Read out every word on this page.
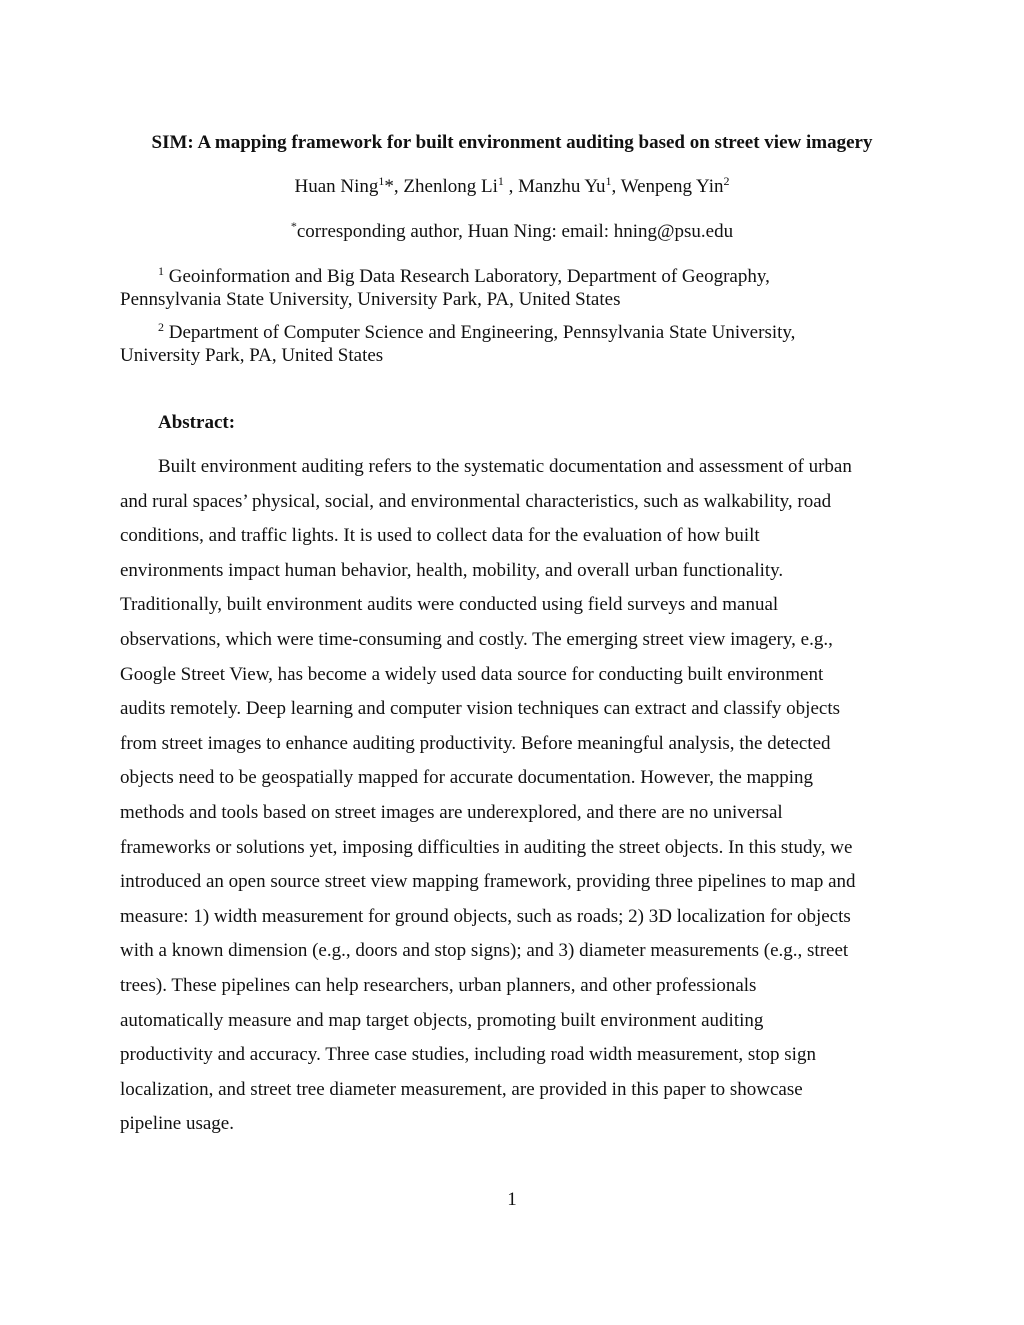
SIM: A mapping framework for built environment auditing based on street view imagery
Huan Ning$^1$*, Zhenlong Li$^1$ , Manzhu Yu$^1$, Wenpeng Yin$^2$
*corresponding author, Huan Ning: email: hning@psu.edu
$^1$ Geoinformation and Big Data Research Laboratory, Department of Geography,
Pennsylvania State University, University Park, PA, United States
$^2$ Department of Computer Science and Engineering, Pennsylvania State University,
University Park, PA, United States
Abstract:
Built environment auditing refers to the systematic documentation and assessment of urban
and rural spaces’ physical, social, and environmental characteristics, such as walkability, road
conditions, and traffic lights. It is used to collect data for the evaluation of how built
environments impact human behavior, health, mobility, and overall urban functionality.
Traditionally, built environment audits were conducted using field surveys and manual
observations, which were time-consuming and costly. The emerging street view imagery, e.g.,
Google Street View, has become a widely used data source for conducting built environment
audits remotely. Deep learning and computer vision techniques can extract and classify objects
from street images to enhance auditing productivity. Before meaningful analysis, the detected
objects need to be geospatially mapped for accurate documentation. However, the mapping
methods and tools based on street images are underexplored, and there are no universal
frameworks or solutions yet, imposing difficulties in auditing the street objects. In this study, we
introduced an open source street view mapping framework, providing three pipelines to map and
measure: 1) width measurement for ground objects, such as roads; 2) 3D localization for objects
with a known dimension (e.g., doors and stop signs); and 3) diameter measurements (e.g., street
trees). These pipelines can help researchers, urban planners, and other professionals
automatically measure and map target objects, promoting built environment auditing
productivity and accuracy. Three case studies, including road width measurement, stop sign
localization, and street tree diameter measurement, are provided in this paper to showcase
pipeline usage.
1
